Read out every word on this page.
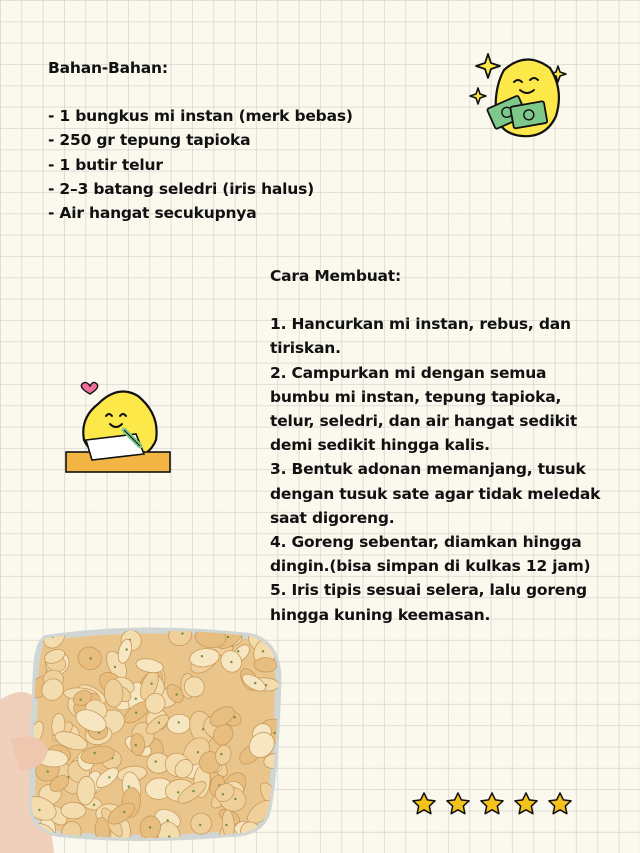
Bahan-Bahan:
- 1 bungkus mi instan (merk bebas)
- 250 gr tepung tapioka
- 1 butir telur
- 2–3 batang seledri (iris halus)
- Air hangat secukupnya
Cara Membuat:
1. Hancurkan mi instan, rebus, dan tiriskan.
2. Campurkan mi dengan semua bumbu mi instan, tepung tapioka, telur, seledri, dan air hangat sedikit demi sedikit hingga kalis.
3. Bentuk adonan memanjang, tusuk dengan tusuk sate agar tidak meledak saat digoreng.
4. Goreng sebentar, diamkan hingga dingin.(bisa simpan di kulkas 12 jam)
5. Iris tipis sesuai selera, lalu goreng hingga kuning keemasan.
